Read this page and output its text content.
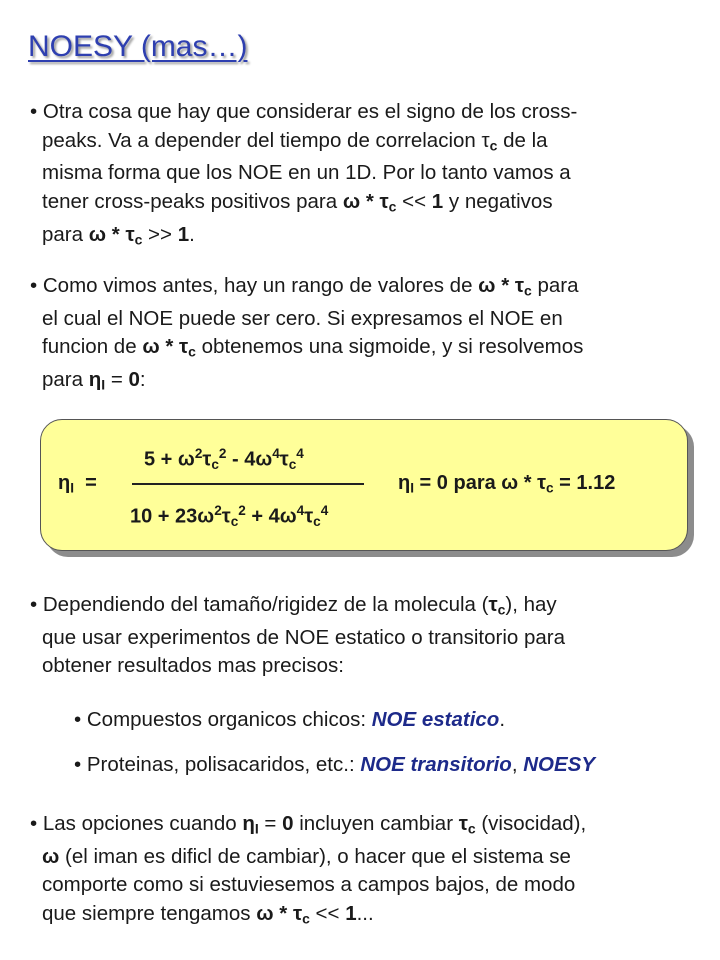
NOESY (mas…)
• Otra cosa que hay que considerar es el signo de los cross-
peaks. Va a depender del tiempo de correlacion $\tau_c$ de la
misma forma que los NOE en un 1D. Por lo tanto vamos a
tener cross-peaks positivos para $\omega * \tau_c << 1$ y negativos
para $\omega * \tau_c >> 1$.
• Como vimos antes, hay un rango de valores de ω * $\tau_c$ para
el cual el NOE puede ser cero. Si expresamos el NOE en
funcion de ω * $\tau_c$ obtenemos una sigmoide, y si resolvemos
para $\eta_I = 0$:
$\eta_I$ =
$5 + \omega^2\tau_c^2 - 4\omega^4\tau_c^4$
$10 + 23\omega^2\tau_c^2 + 4\omega^4\tau_c^4$
$\eta_I = 0$ para $\omega * \tau_c = 1.12$
• Dependiendo del tamaño/rigidez de la molecula $(\tau_c)$, hay
que usar experimentos de NOE estatico o transitorio para
obtener resultados mas precisos:
• Compuestos organicos chicos: NOE estatico.
• Proteinas, polisacaridos, etc.: NOE transitorio, NOESY
• Las opciones cuando $\eta_I = 0$ incluyen cambiar $\tau_c$ (visocidad),
ω (el iman es dificl de cambiar), o hacer que el sistema se
comporte como si estuviesemos a campos bajos, de modo
que siempre tengamos $\omega * \tau_c << 1$...
